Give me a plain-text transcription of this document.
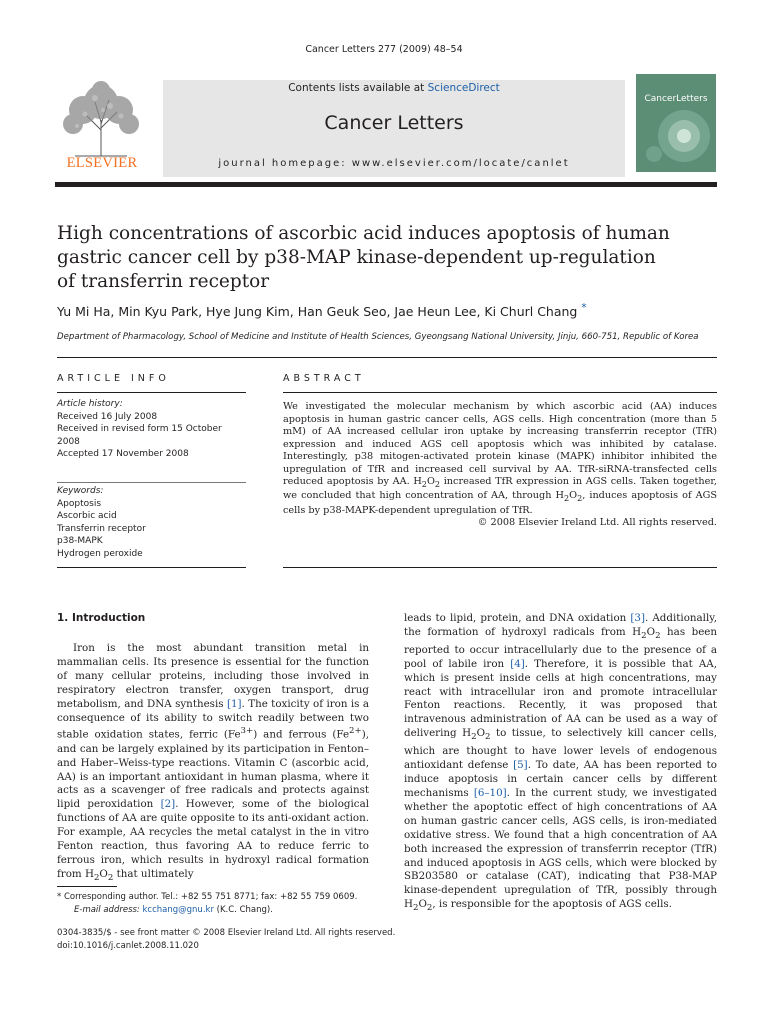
Cancer Letters 277 (2009) 48–54
ELSEVIER
Contents lists available at ScienceDirect
Cancer Letters
journal homepage: www.elsevier.com/locate/canlet
CancerLetters
High concentrations of ascorbic acid induces apoptosis of human
gastric cancer cell by p38-MAP kinase-dependent up-regulation
of transferrin receptor
Yu Mi Ha, Min Kyu Park, Hye Jung Kim, Han Geuk Seo, Jae Heun Lee, Ki Churl Chang *
Department of Pharmacology, School of Medicine and Institute of Health Sciences, Gyeongsang National University, Jinju, 660-751, Republic of Korea
ARTICLE INFO
Article history:
Received 16 July 2008
Received in revised form 15 October 2008
Accepted 17 November 2008
Keywords:
Apoptosis
Ascorbic acid
Transferrin receptor
p38-MAPK
Hydrogen peroxide
ABSTRACT
We investigated the molecular mechanism by which ascorbic acid (AA) induces apoptosis in human gastric cancer cells, AGS cells. High concentration (more than 5 mM) of AA increased cellular iron uptake by increasing transferrin receptor (TfR) expression and induced AGS cell apoptosis which was inhibited by catalase. Interestingly, p38 mitogen-activated protein kinase (MAPK) inhibitor inhibited the upregulation of TfR and increased cell survival by AA. TfR-siRNA-transfected cells reduced apoptosis by AA. $H_2O_2$ increased TfR expression in AGS cells. Taken together, we concluded that high concentration of AA, through $H_2O_2$, induces apoptosis of AGS cells by p38-MAPK-dependent upregulation of TfR.
© 2008 Elsevier Ireland Ltd. All rights reserved.
1. Introduction

Iron is the most abundant transition metal in mammalian cells. Its presence is essential for the function of many cellular proteins, including those involved in respiratory electron transfer, oxygen transport, drug metabolism, and DNA synthesis [1]. The toxicity of iron is a consequence of its ability to switch readily between two stable oxidation states, ferric $(Fe^{3+})$ and ferrous $(Fe^{2+})$, and can be largely explained by its participation in Fenton– and Haber–Weiss-type reactions. Vitamin C (ascorbic acid, AA) is an important antioxidant in human plasma, where it acts as a scavenger of free radicals and protects against lipid peroxidation [2]. However, some of the biological functions of AA are quite opposite to its anti-oxidant action. For example, AA recycles the metal catalyst in the in vitro Fenton reaction, thus favoring AA to reduce ferric to ferrous iron, which results in hydroxyl radical formation from $H_2O_2$ that ultimately

leads to lipid, protein, and DNA oxidation [3]. Additionally, the formation of hydroxyl radicals from $H_2O_2$ has been reported to occur intracellularly due to the presence of a pool of labile iron [4]. Therefore, it is possible that AA, which is present inside cells at high concentrations, may react with intracellular iron and promote intracellular Fenton reactions. Recently, it was proposed that intravenous administration of AA can be used as a way of delivering $H_2O_2$ to tissue, to selectively kill cancer cells, which are thought to have lower levels of endogenous antioxidant defense [5]. To date, AA has been reported to induce apoptosis in certain cancer cells by different mechanisms [6–10]. In the current study, we investigated whether the apoptotic effect of high concentrations of AA on human gastric cancer cells, AGS cells, is iron-mediated oxidative stress. We found that a high concentration of AA both increased the expression of transferrin receptor (TfR) and induced apoptosis in AGS cells, which were blocked by SB203580 or catalase (CAT), indicating that P38-MAP kinase-dependent upregulation of TfR, possibly through $H_2O_2$, is responsible for the apoptosis of AGS cells.

* Corresponding author. Tel.: +82 55 751 8771; fax: +82 55 759 0609.
E-mail address: kcchang@gnu.kr (K.C. Chang).
0304-3835/$ - see front matter © 2008 Elsevier Ireland Ltd. All rights reserved.
doi:10.1016/j.canlet.2008.11.020
